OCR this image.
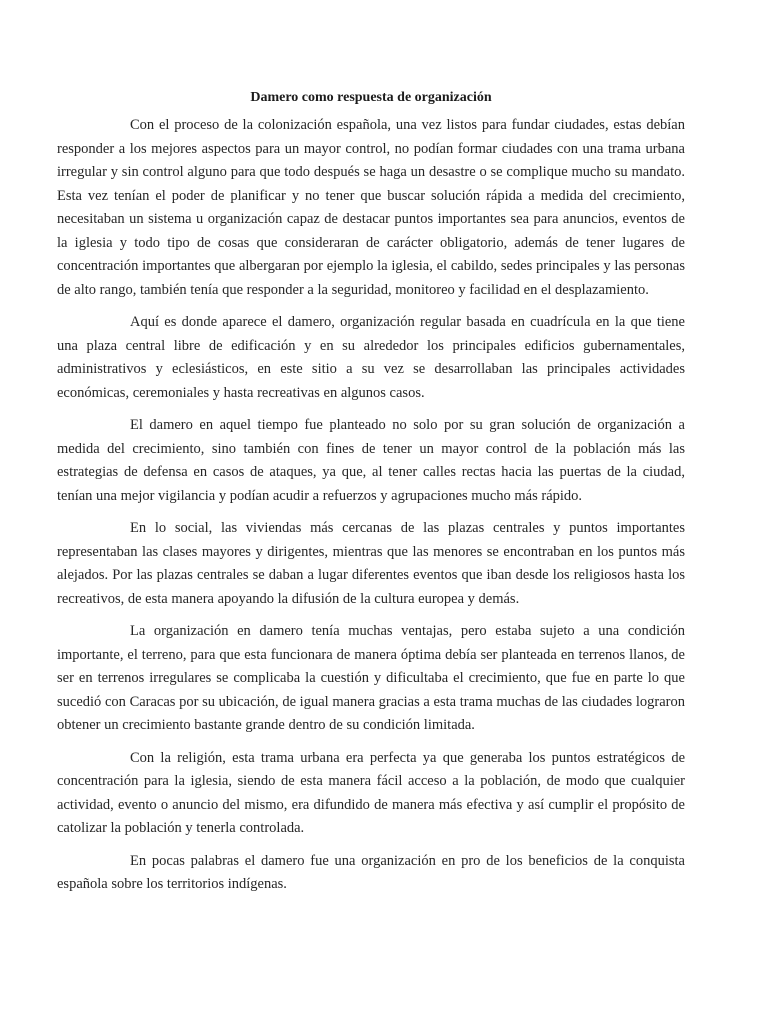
Damero como respuesta de organización

Con el proceso de la colonización española, una vez listos para fundar ciudades, estas debían responder a los mejores aspectos para un mayor control, no podían formar ciudades con una trama urbana irregular y sin control alguno para que todo después se haga un desastre o se complique mucho su mandato. Esta vez tenían el poder de planificar y no tener que buscar solución rápida a medida del crecimiento, necesitaban un sistema u organización capaz de destacar puntos importantes sea para anuncios, eventos de la iglesia y todo tipo de cosas que consideraran de carácter obligatorio, además de tener lugares de concentración importantes que albergaran por ejemplo la iglesia, el cabildo, sedes principales y las personas de alto rango, también tenía que responder a la seguridad, monitoreo y facilidad en el desplazamiento.

Aquí es donde aparece el damero, organización regular basada en cuadrícula en la que tiene una plaza central libre de edificación y en su alrededor los principales edificios gubernamentales, administrativos y eclesiásticos, en este sitio a su vez se desarrollaban las principales actividades económicas, ceremoniales y hasta recreativas en algunos casos.

El damero en aquel tiempo fue planteado no solo por su gran solución de organización a medida del crecimiento, sino también con fines de tener un mayor control de la población más las estrategias de defensa en casos de ataques, ya que, al tener calles rectas hacia las puertas de la ciudad, tenían una mejor vigilancia y podían acudir a refuerzos y agrupaciones mucho más rápido.

En lo social, las viviendas más cercanas de las plazas centrales y puntos importantes representaban las clases mayores y dirigentes, mientras que las menores se encontraban en los puntos más alejados. Por las plazas centrales se daban a lugar diferentes eventos que iban desde los religiosos hasta los recreativos, de esta manera apoyando la difusión de la cultura europea y demás.

La organización en damero tenía muchas ventajas, pero estaba sujeto a una condición importante, el terreno, para que esta funcionara de manera óptima debía ser planteada en terrenos llanos, de ser en terrenos irregulares se complicaba la cuestión y dificultaba el crecimiento, que fue en parte lo que sucedió con Caracas por su ubicación, de igual manera gracias a esta trama muchas de las ciudades lograron obtener un crecimiento bastante grande dentro de su condición limitada.

Con la religión, esta trama urbana era perfecta ya que generaba los puntos estratégicos de concentración para la iglesia, siendo de esta manera fácil acceso a la población, de modo que cualquier actividad, evento o anuncio del mismo, era difundido de manera más efectiva y así cumplir el propósito de catolizar la población y tenerla controlada.

En pocas palabras el damero fue una organización en pro de los beneficios de la conquista española sobre los territorios indígenas.
